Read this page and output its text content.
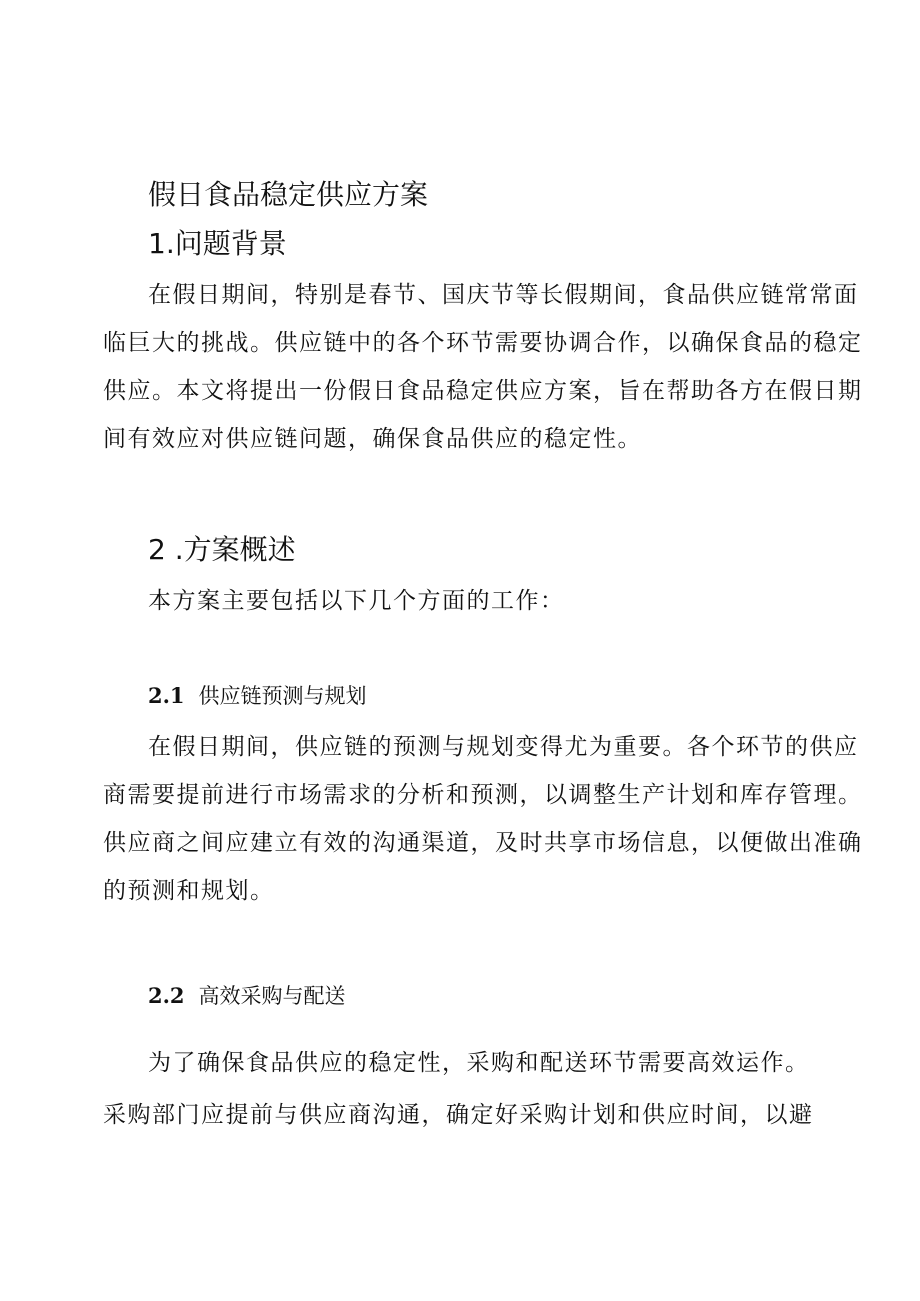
假日食品稳定供应方案
1.问题背景
在假日期间，特别是春节、国庆节等长假期间，食品供应链常常面
临巨大的挑战。供应链中的各个环节需要协调合作，以确保食品的稳定
供应。本文将提出一份假日食品稳定供应方案，旨在帮助各方在假日期
间有效应对供应链问题，确保食品供应的稳定性。
2 .方案概述
本方案主要包括以下几个方面的工作：
2.1 供应链预测与规划
在假日期间，供应链的预测与规划变得尤为重要。各个环节的供应
商需要提前进行市场需求的分析和预测，以调整生产计划和库存管理。
供应商之间应建立有效的沟通渠道，及时共享市场信息，以便做出准确
的预测和规划。
2.2 高效采购与配送
为了确保食品供应的稳定性，采购和配送环节需要高效运作。
采购部门应提前与供应商沟通，确定好采购计划和供应时间，以避
